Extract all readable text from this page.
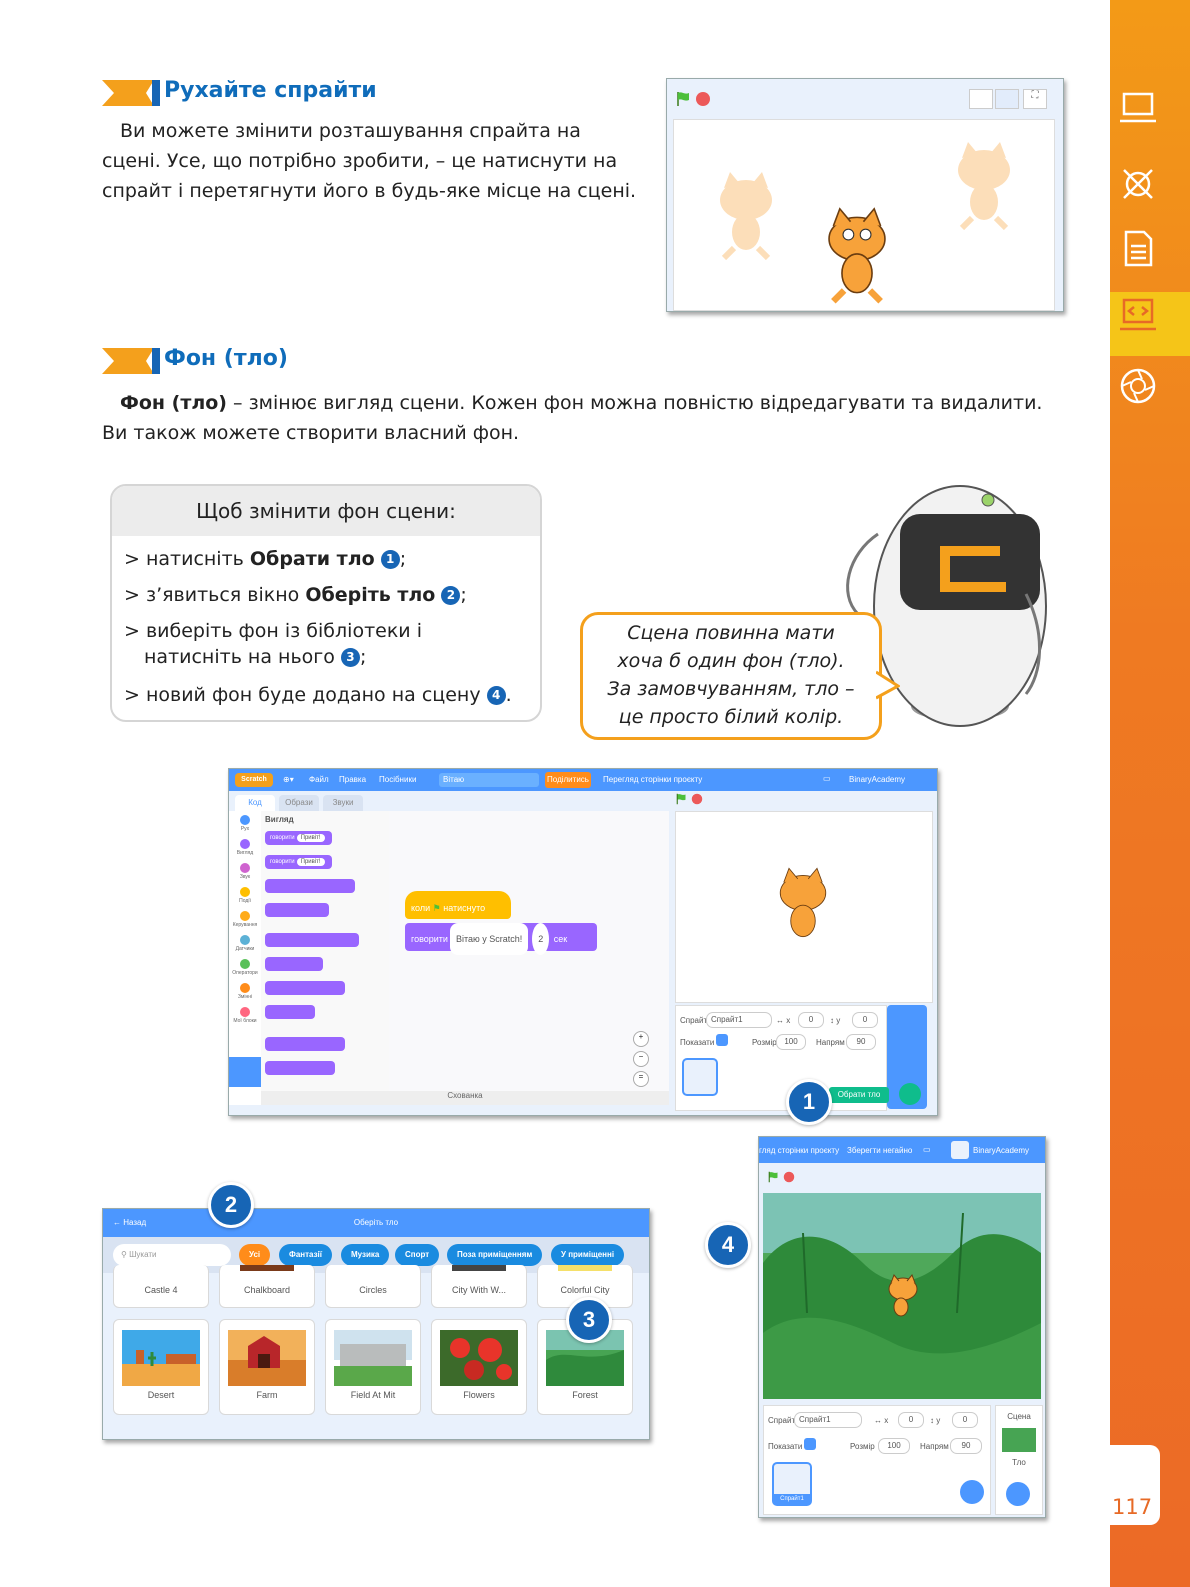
117
Рухайте спрайти
Ви можете змінити розташування спрайта на сцені. Усе, що потрібно зробити, – це натиснути на спрайт і перетягнути його в будь-яке місце на сцені.
⛶
Фон (тло)
Фон (тло) – змінює вигляд сцени. Кожен фон можна повністю відредагувати та видалити. Ви також можете створити власний фон.
Щоб змінити фон сцени:
> натисніть Обрати тло 1 ;
> з’явиться вікно Оберіть тло 2 ;
> виберіть фон із бібліотеки і
натисніть на нього 3 ;
> новий фон буде додано на сцену 4 .
Сцена повинна мати
хоча б один фон (тло).
За замовчуванням, тло –
це просто білий колір.
Scratch	⊕▾ Файл Правка Посібники	Вітаю	Поділитись Перегляд сторінки проєкту	▭ BinaryAcademy
Код	Образи	Звуки
Рух
Вигляд
Звук
Події
Керування
Датчики
Оператори
Змінні
Мої блоки
Вигляд
говорити Привіт!
говорити Привіт!
коли ⚑ натиснуто
говорити Вітаю у Scratch! 2 сек
+
−
=
Схованка
Спрайт Спрайт1	↔ x	0	↕ y	0
Показати	Розмір 100	Напрям	90
Обрати тло
1
← Назад	Оберіть тло
⚲ Шукати	Усі	Фантазії	Музика	Спорт	Поза приміщенням	У приміщенні
Castle 4	Chalkboard	Circles	City With W...	Colorful City
Desert	Farm	Field At Mit	Flowers	Forest
2
3
гляд сторінки проєкту Зберегти негайно ▭	BinaryAcademy
Спрайт Спрайт1	↔ x	0	↕ y	0
Показати	Розмір	100	Напрям	90
Спрайт1
Сцена
Тло
4
